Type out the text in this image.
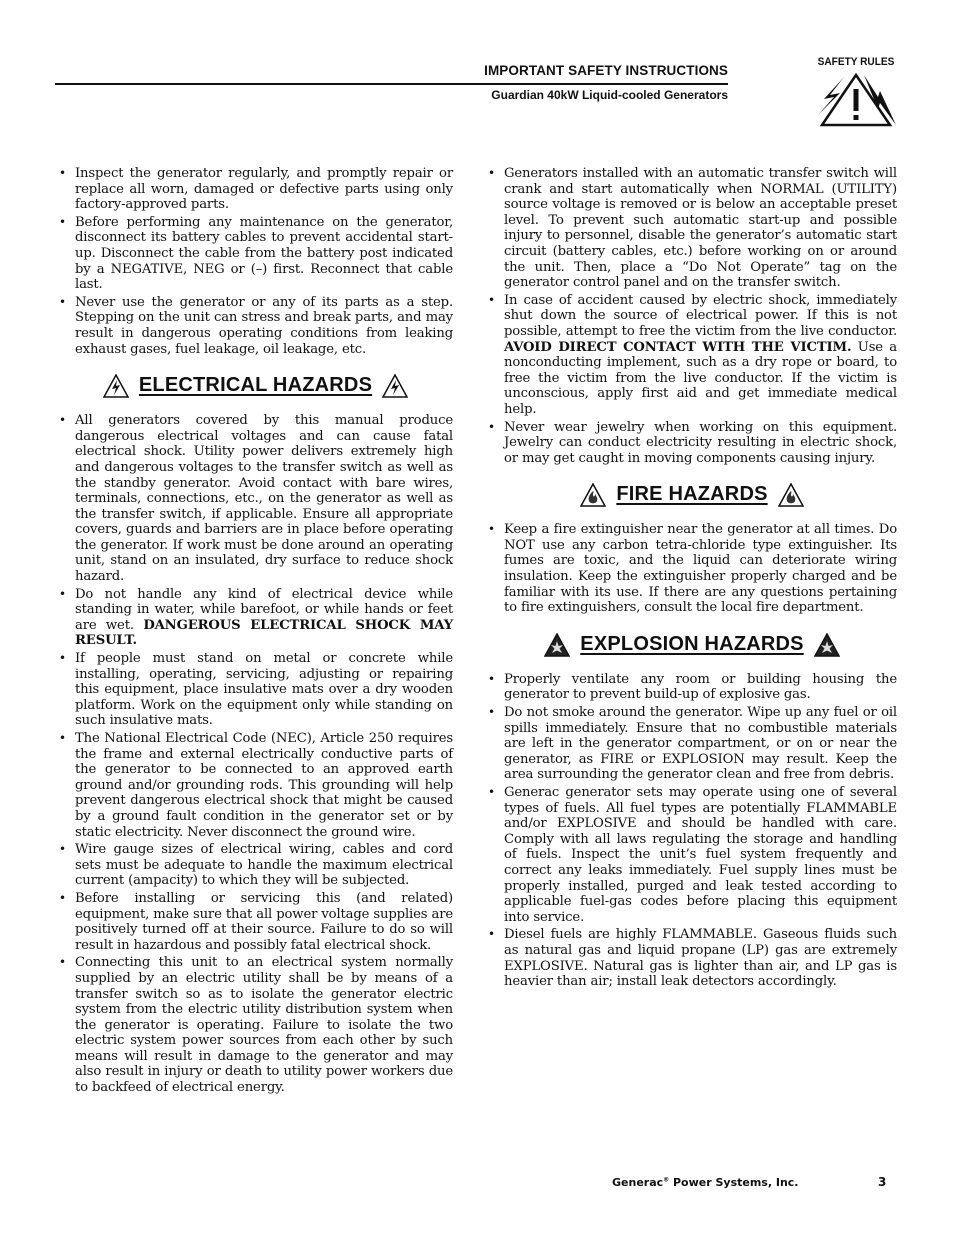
IMPORTANT SAFETY INSTRUCTIONS
Guardian 40kW Liquid-cooled Generators
SAFETY RULES
• Inspect the generator regularly, and promptly repair or replace all worn, damaged or defective parts using only factory-approved parts.
• Before performing any maintenance on the generator, disconnect its battery cables to prevent accidental start-up. Disconnect the cable from the battery post indicated by a NEGATIVE, NEG or (–) first. Reconnect that cable last.
• Never use the generator or any of its parts as a step. Stepping on the unit can stress and break parts, and may result in dangerous operating conditions from leaking exhaust gases, fuel leakage, oil leakage, etc.
ELECTRICAL HAZARDS
• All generators covered by this manual produce dangerous electrical voltages and can cause fatal electrical shock. Utility power delivers extremely high and dangerous voltages to the transfer switch as well as the standby generator. Avoid contact with bare wires, terminals, connections, etc., on the generator as well as the transfer switch, if applicable. Ensure all appropriate covers, guards and barriers are in place before operating the generator. If work must be done around an operating unit, stand on an insulated, dry surface to reduce shock hazard.
• Do not handle any kind of electrical device while standing in water, while barefoot, or while hands or feet are wet. DANGEROUS ELECTRICAL SHOCK MAY RESULT.
• If people must stand on metal or concrete while installing, operating, servicing, adjusting or repairing this equipment, place insulative mats over a dry wooden platform. Work on the equipment only while standing on such insulative mats.
• The National Electrical Code (NEC), Article 250 requires the frame and external electrically conductive parts of the generator to be connected to an approved earth ground and/or grounding rods. This grounding will help prevent dangerous electrical shock that might be caused by a ground fault condition in the generator set or by static electricity. Never disconnect the ground wire.
• Wire gauge sizes of electrical wiring, cables and cord sets must be adequate to handle the maximum electrical current (ampacity) to which they will be subjected.
• Before installing or servicing this (and related) equipment, make sure that all power voltage supplies are positively turned off at their source. Failure to do so will result in hazardous and possibly fatal electrical shock.
• Connecting this unit to an electrical system normally supplied by an electric utility shall be by means of a transfer switch so as to isolate the generator electric system from the electric utility distribution system when the generator is operating. Failure to isolate the two electric system power sources from each other by such means will result in damage to the generator and may also result in injury or death to utility power workers due to backfeed of electrical energy.
• Generators installed with an automatic transfer switch will crank and start automatically when NORMAL (UTILITY) source voltage is removed or is below an acceptable preset level. To prevent such automatic start-up and possible injury to personnel, disable the generator’s automatic start circuit (battery cables, etc.) before working on or around the unit. Then, place a “Do Not Operate” tag on the generator control panel and on the transfer switch.
• In case of accident caused by electric shock, immediately shut down the source of electrical power. If this is not possible, attempt to free the victim from the live conductor. AVOID DIRECT CONTACT WITH THE VICTIM. Use a nonconducting implement, such as a dry rope or board, to free the victim from the live conductor. If the victim is unconscious, apply first aid and get immediate medical help.
• Never wear jewelry when working on this equipment. Jewelry can conduct electricity resulting in electric shock, or may get caught in moving components causing injury.
FIRE HAZARDS
• Keep a fire extinguisher near the generator at all times. Do NOT use any carbon tetra-chloride type extinguisher. Its fumes are toxic, and the liquid can deteriorate wiring insulation. Keep the extinguisher properly charged and be familiar with its use. If there are any questions pertaining to fire extinguishers, consult the local fire department.
EXPLOSION HAZARDS
• Properly ventilate any room or building housing the generator to prevent build-up of explosive gas.
• Do not smoke around the generator. Wipe up any fuel or oil spills immediately. Ensure that no combustible materials are left in the generator compartment, or on or near the generator, as FIRE or EXPLOSION may result. Keep the area surrounding the generator clean and free from debris.
• Generac generator sets may operate using one of several types of fuels. All fuel types are potentially FLAMMABLE and/or EXPLOSIVE and should be handled with care. Comply with all laws regulating the storage and handling of fuels. Inspect the unit’s fuel system frequently and correct any leaks immediately. Fuel supply lines must be properly installed, purged and leak tested according to applicable fuel-gas codes before placing this equipment into service.
• Diesel fuels are highly FLAMMABLE. Gaseous fluids such as natural gas and liquid propane (LP) gas are extremely EXPLOSIVE. Natural gas is lighter than air, and LP gas is heavier than air; install leak detectors accordingly.
Generac® Power Systems, Inc.	3
